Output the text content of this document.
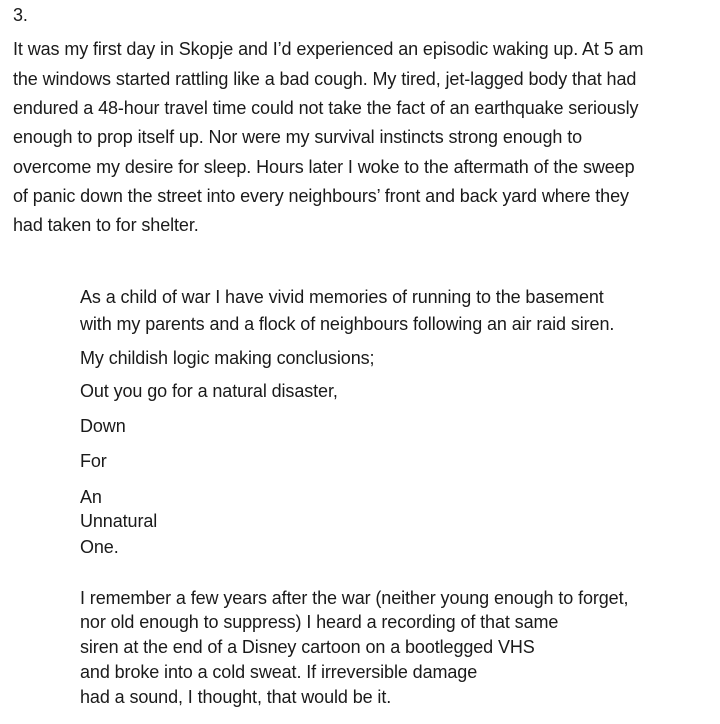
3.
It was my first day in Skopje and I’d experienced an episodic waking up. At 5 am
the windows started rattling like a bad cough. My tired, jet-lagged body that had
endured a 48-hour travel time could not take the fact of an earthquake seriously
enough to prop itself up. Nor were my survival instincts strong enough to
overcome my desire for sleep. Hours later I woke to the aftermath of the sweep
of panic down the street into every neighbours’ front and back yard where they
had taken to for shelter.
As a child of war I have vivid memories of running to the basement
with my parents and a flock of neighbours following an air raid siren.
My childish logic making conclusions;
Out you go for a natural disaster,
Down
For
An
Unnatural
One.
I remember a few years after the war (neither young enough to forget,
nor old enough to suppress) I heard a recording of that same
siren at the end of a Disney cartoon on a bootlegged VHS
and broke into a cold sweat. If irreversible damage
had a sound, I thought, that would be it.
